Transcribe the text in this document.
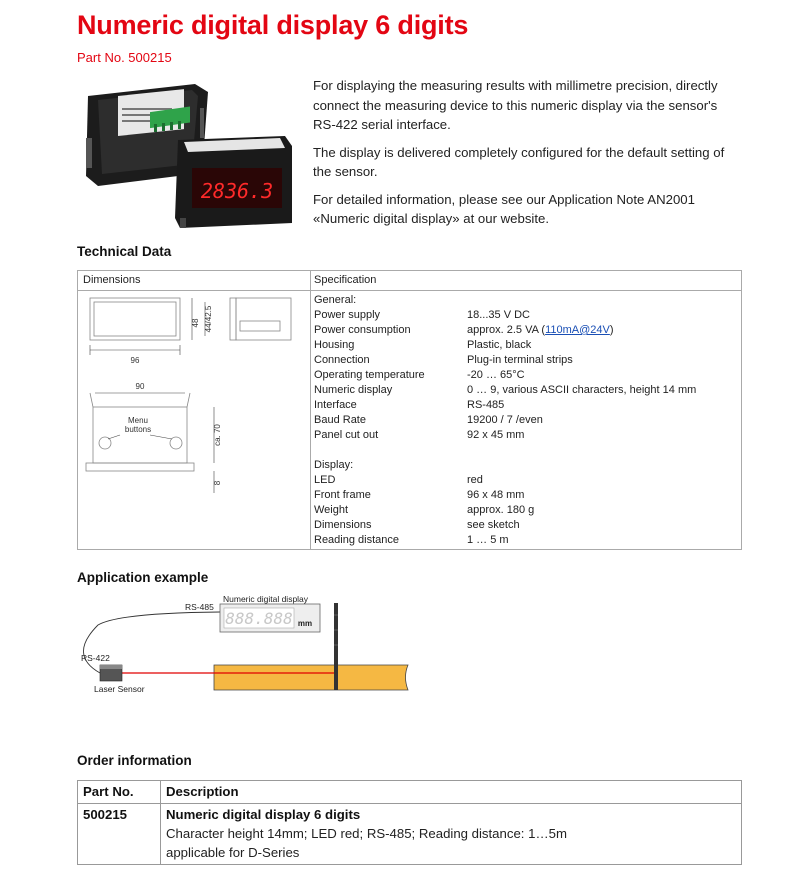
Numeric digital display 6 digits
Part No. 500215
2836.3

For displaying the measuring results with millimetre precision, directly connect the measuring device to this numeric display via the sensor's RS-422 serial interface.

The display is delivered completely configured for the default setting of the sensor.

For detailed information, please see our Application Note AN2001 «Numeric digital display» at our website.

Technical Data
Dimensions	Specification
96
48 44/42.5
90
ca. 70
8
Menu
buttons
General:
Power supply	18...35 V DC
Power consumption	approx. 2.5 VA (110mA@24V)
Housing	Plastic, black
Connection	Plug-in terminal strips
Operating temperature	-20 … 65°C
Numeric display	0 … 9, various ASCII characters, height 14 mm
Interface	RS-485
Baud Rate	19200 / 7 /even
Panel cut out	92 x 45 mm
Display:
LED	red
Front frame	96 x 48 mm
Weight	approx. 180 g
Dimensions	see sketch
Reading distance	1 … 5 m
Application example
888.888 mm
Numeric digital display
RS-485
RS-422
Laser Sensor
Order information
Part No. Description
500215	Numeric digital display 6 digits
Character height 14mm; LED red; RS-485; Reading distance: 1…5m
applicable for D-Series
